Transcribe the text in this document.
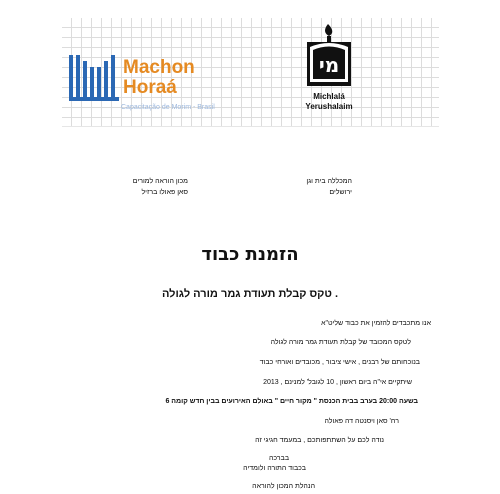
Machon Horaá
Capacitação de Morim - Brasil
מי
Michlalá
Yerushalaim
מכון הוראה למורים
סאן פאולו ברזיל
המכללה בית וגן
ירושלים
הזמנת כבוד
. טקס קבלת תעודת גמר מורה לגולה
אנו מתכבדים להזמין את כבוד שליט"א
לטקס המכובד של קבלת תעודת גמר מורה לגולה
בנוכחותם של רבנים , אישי ציבור , מכובדים ואורחי כבוד
שיתקיים אי"ה ביום ראשון , 10 לגובל' למנינם , 2013
בשעה 20:00 בערב בבית הכנסת " מקור חיים " באולם האירועים בבין חדש קומה 6
רח' סאן ויסנטה דה פאולה
נודה לכם על השתתפותכם , במעמד חגיגי זה
בברכה
בכבוד התורה ולומדיה
הנהלת המכון להוראה
